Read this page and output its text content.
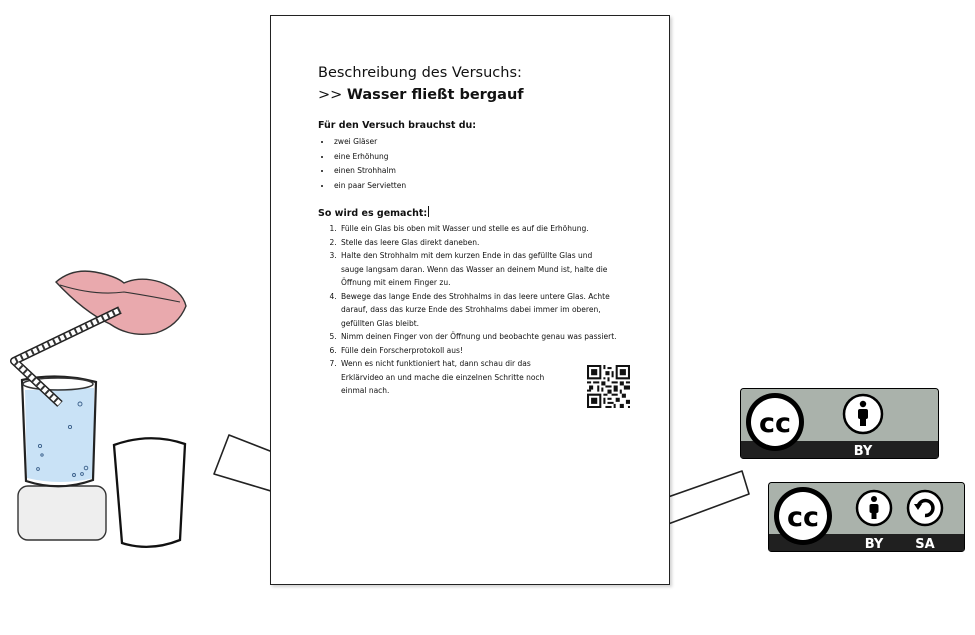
Beschreibung des Versuchs:
>> Wasser fließt bergauf
Für den Versuch brauchst du:
• zwei Gläser
• eine Erhöhung
• einen Strohhalm
• ein paar Servietten
So wird es gemacht:
1. Fülle ein Glas bis oben mit Wasser und stelle es auf die Erhöhung.
2. Stelle das leere Glas direkt daneben.
3. Halte den Strohhalm mit dem kurzen Ende in das gefüllte Glas und sauge langsam daran. Wenn das Wasser an deinem Mund ist, halte die Öffnung mit einem Finger zu.
4. Bewege das lange Ende des Strohhalms in das leere untere Glas. Achte darauf, dass das kurze Ende des Strohhalms dabei immer im oberen, gefüllten Glas bleibt.
5. Nimm deinen Finger von der Öffnung und beobachte genau was passiert.
6. Fülle dein Forscherprotokoll aus!
7. Wenn es nicht funktioniert hat, dann schau dir das Erklärvideo an und mache die einzelnen Schritte noch einmal nach.
cc
BY
cc
BY SA
